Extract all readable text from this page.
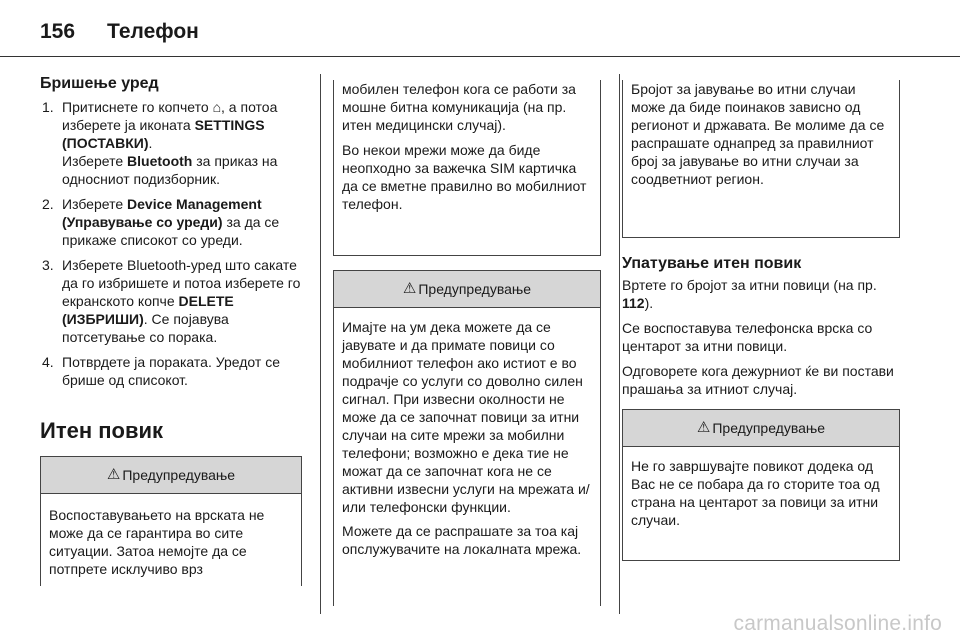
156 Телефон
Бришење уред
1. Притиснете го копчето ⌂, а потоа изберете ја иконата SETTINGS (ПОСТАВКИ).

Изберете Bluetooth за приказ на односниот подизборник.

2. Изберете Device Management (Управување со уреди) за да се прикаже списокот со уреди.
3. Изберете Bluetooth-уред што сакате да го избришете и потоа изберете го екранското копче DELETE (ИЗБРИШИ). Се појавува потсетување со порака.
4. Потврдете ја пораката. Уредот се брише од списокот.
Итен повик
⚠ Предупредување

Воспоставувањето на врската не може да се гарантира во сите ситуации. Затоа немојте да се потпрете исклучиво врз

мобилен телефон кога се работи за мошне битна комуникација (на пр. итен медицински случај).

Во некои мрежи може да биде неопходно за важечка SIM картичка да се вметне правилно во мобилниот телефон.

⚠ Предупредување

Имајте на ум дека можете да се јавувате и да примате повици со мобилниот телефон ако истиот е во подрачје со услуги со доволно силен сигнал. При извесни околности не може да се започнат повици за итни случаи на сите мрежи за мобилни телефони; возможно е дека тие не можат да се започнат кога не се активни извесни услуги на мрежата и/или телефонски функции.

Можете да се распрашате за тоа кај опслужувачите на локалната мрежа.

Бројот за јавување во итни случаи може да биде поинаков зависно од регионот и државата. Ве молиме да се распрашате однапред за правилниот број за јавување во итни случаи за соодветниот регион.

Упатување итен повик

Вртете го бројот за итни повици (на пр. 112).

Се воспоставува телефонска врска со центарот за итни повици.

Одговорете кога дежурниот ќе ви постави прашања за итниот случај.

⚠ Предупредување

Не го завршувајте повикот додека од Вас не се побара да го сторите тоа од страна на центарот за повици за итни случаи.

carmanualsonline.info
